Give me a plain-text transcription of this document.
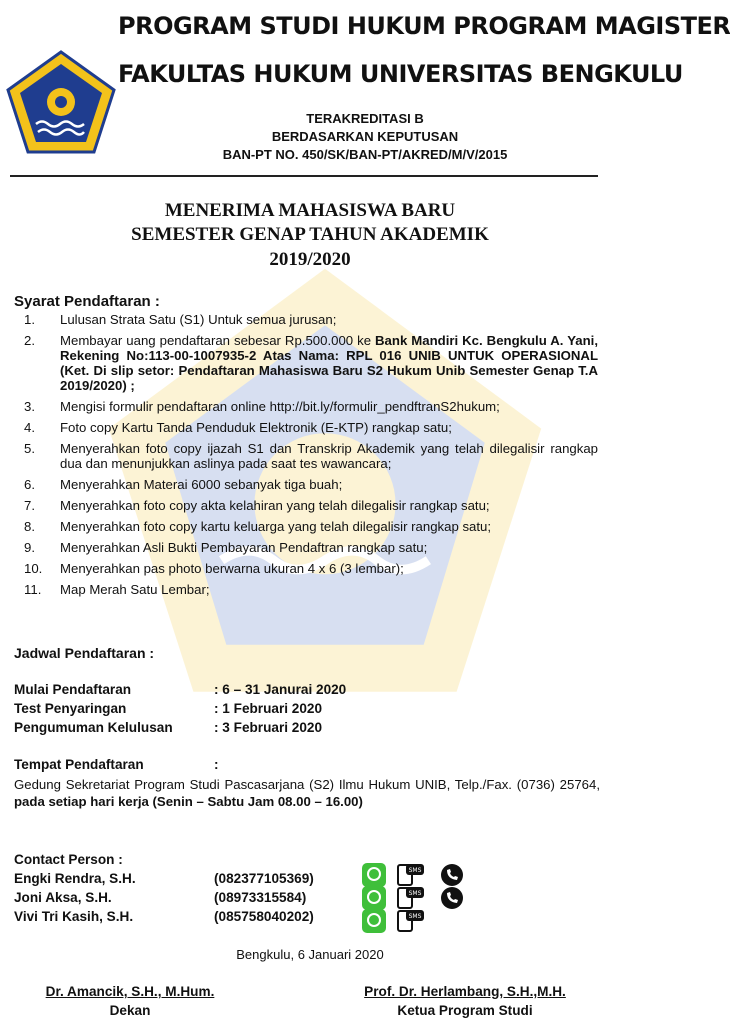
PROGRAM STUDI HUKUM PROGRAM MAGISTER
FAKULTAS HUKUM UNIVERSITAS BENGKULU
TERAKREDITASI B
BERDASARKAN KEPUTUSAN
BAN-PT NO. 450/SK/BAN-PT/AKRED/M/V/2015
MENERIMA MAHASISWA BARU
SEMESTER GENAP TAHUN AKADEMIK
2019/2020
Syarat Pendaftaran :
1. Lulusan Strata Satu (S1) Untuk semua jurusan;
2. Membayar uang pendaftaran sebesar Rp.500.000 ke Bank Mandiri Kc. Bengkulu A. Yani, Rekening No:113-00-1007935-2 Atas Nama: RPL 016 UNIB UNTUK OPERASIONAL (Ket. Di slip setor: Pendaftaran Mahasiswa Baru S2 Hukum Unib Semester Genap T.A 2019/2020) ;
3. Mengisi formulir pendaftaran online http://bit.ly/formulir_pendftranS2hukum;
4. Foto copy Kartu Tanda Penduduk Elektronik (E-KTP) rangkap satu;
5. Menyerahkan foto copy ijazah S1 dan Transkrip Akademik yang telah dilegalisir rangkap dua dan menunjukkan aslinya pada saat tes wawancara;
6. Menyerahkan Materai 6000 sebanyak tiga buah;
7. Menyerahkan foto copy akta kelahiran yang telah dilegalisir rangkap satu;
8. Menyerahkan foto copy kartu keluarga yang telah dilegalisir rangkap satu;
9. Menyerahkan Asli Bukti Pembayaran Pendaftran rangkap satu;
10. Menyerahkan pas photo berwarna ukuran 4 x 6 (3 lembar);
11. Map Merah Satu Lembar;
Jadwal Pendaftaran :
Mulai Pendaftaran	: 6 – 31 Janurai 2020
Test Penyaringan	: 1 Februari 2020
Pengumuman Kelulusan	: 3 Februari 2020
Tempat Pendaftaran	:
Gedung Sekretariat Program Studi Pascasarjana (S2) Ilmu Hukum UNIB, Telp./Fax. (0736) 25764, pada setiap hari kerja (Senin – Sabtu Jam 08.00 – 16.00)
Contact Person :
Engki Rendra, S.H.	(082377105369)
Joni Aksa, S.H.	(08973315584)
Vivi Tri Kasih, S.H.	(085758040202)
SMS
SMS
SMS
Bengkulu, 6 Januari 2020
Dr. Amancik, S.H., M.Hum.
Dekan
Prof. Dr. Herlambang, S.H.,M.H.
Ketua Program Studi
